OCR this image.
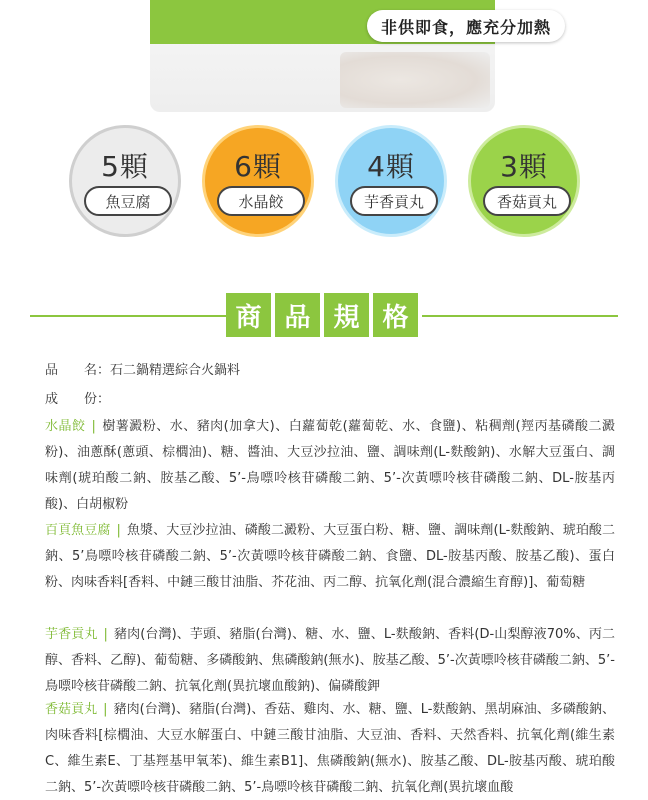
非供即食，應充分加熱
5顆
魚豆腐
6顆
水晶餃
4顆
芋香貢丸
3顆
香菇貢丸
商 品 規 格
品　　名：石二鍋精選綜合火鍋料
成　　份：
水晶餃 | 樹薯澱粉、水、豬肉(加拿大)、白蘿蔔乾(蘿蔔乾、水、食鹽)、粘稠劑(羥丙基磷酸二澱粉)、油蔥酥(蔥頭、棕櫚油)、糖、醬油、大豆沙拉油、鹽、調味劑(L-麩酸鈉)、水解大豆蛋白、調味劑(琥珀酸二鈉、胺基乙酸、5’-鳥嘌呤核苷磷酸二鈉、5’-次黃嘌呤核苷磷酸二鈉、DL-胺基丙酸)、白胡椒粉
百頁魚豆腐 | 魚漿、大豆沙拉油、磷酸二澱粉、大豆蛋白粉、糖、鹽、調味劑(L-麩酸鈉、琥珀酸二鈉、5’鳥嘌呤核苷磷酸二鈉、5’-次黃嘌呤核苷磷酸二鈉、食鹽、DL-胺基丙酸、胺基乙酸)、蛋白粉、肉味香料[香料、中鏈三酸甘油脂、芥花油、丙二醇、抗氧化劑(混合濃縮生育醇)]、葡萄糖
芋香貢丸 | 豬肉(台灣)、芋頭、豬脂(台灣)、糖、水、鹽、L-麩酸鈉、香料(D-山梨醇液70%、丙二醇、香料、乙醇)、葡萄糖、多磷酸鈉、焦磷酸鈉(無水)、胺基乙酸、5’-次黃嘌呤核苷磷酸二鈉、5’-鳥嘌呤核苷磷酸二鈉、抗氧化劑(異抗壞血酸鈉)、偏磷酸鉀
香菇貢丸 | 豬肉(台灣)、豬脂(台灣)、香菇、雞肉、水、糖、鹽、L-麩酸鈉、黑胡麻油、多磷酸鈉、肉味香料[棕櫚油、大豆水解蛋白、中鏈三酸甘油脂、大豆油、香料、天然香料、抗氧化劑(維生素C、維生素E、丁基羥基甲氧苯)、維生素B1]、焦磷酸鈉(無水)、胺基乙酸、DL-胺基丙酸、琥珀酸二鈉、5’-次黃嘌呤核苷磷酸二鈉、5’-鳥嘌呤核苷磷酸二鈉、抗氧化劑(異抗壞血酸
